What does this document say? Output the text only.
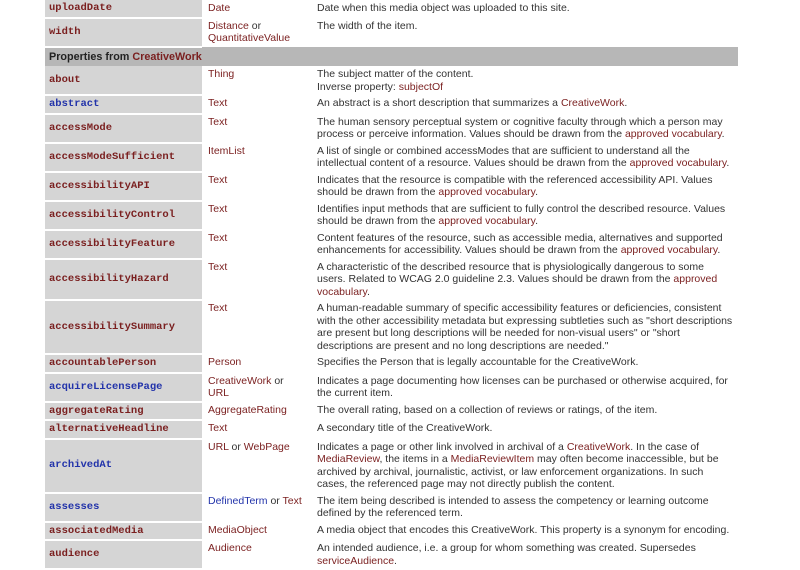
uploadDate	Date	Date when this media object was uploaded to this site.
width	Distance or QuantitativeValue	The width of the item.
Properties from CreativeWork		
about	Thing	The subject matter of the content.
Inverse property: subjectOf
abstract	Text	An abstract is a short description that summarizes a CreativeWork.
accessMode	Text	The human sensory perceptual system or cognitive faculty through which a person may process or perceive information. Values should be drawn from the approved vocabulary.
accessModeSufficient	ItemList	A list of single or combined accessModes that are sufficient to understand all the intellectual content of a resource. Values should be drawn from the approved vocabulary.
accessibilityAPI	Text	Indicates that the resource is compatible with the referenced accessibility API. Values should be drawn from the approved vocabulary.
accessibilityControl	Text	Identifies input methods that are sufficient to fully control the described resource. Values should be drawn from the approved vocabulary.
accessibilityFeature	Text	Content features of the resource, such as accessible media, alternatives and supported enhancements for accessibility. Values should be drawn from the approved vocabulary.
accessibilityHazard	Text	A characteristic of the described resource that is physiologically dangerous to some users. Related to WCAG 2.0 guideline 2.3. Values should be drawn from the approved vocabulary.
accessibilitySummary	Text	A human-readable summary of specific accessibility features or deficiencies, consistent with the other accessibility metadata but expressing subtleties such as "short descriptions are present but long descriptions will be needed for non-visual users" or "short descriptions are present and no long descriptions are needed."
accountablePerson	Person	Specifies the Person that is legally accountable for the CreativeWork.
acquireLicensePage	CreativeWork or URL	Indicates a page documenting how licenses can be purchased or otherwise acquired, for the current item.
aggregateRating	AggregateRating	The overall rating, based on a collection of reviews or ratings, of the item.
alternativeHeadline	Text	A secondary title of the CreativeWork.
archivedAt	URL or WebPage	Indicates a page or other link involved in archival of a CreativeWork. In the case of MediaReview, the items in a MediaReviewItem may often become inaccessible, but be archived by archival, journalistic, activist, or law enforcement organizations. In such cases, the referenced page may not directly publish the content.
assesses	DefinedTerm or Text	The item being described is intended to assess the competency or learning outcome defined by the referenced term.
associatedMedia	MediaObject	A media object that encodes this CreativeWork. This property is a synonym for encoding.
audience	Audience	An intended audience, i.e. a group for whom something was created. Supersedes serviceAudience.
